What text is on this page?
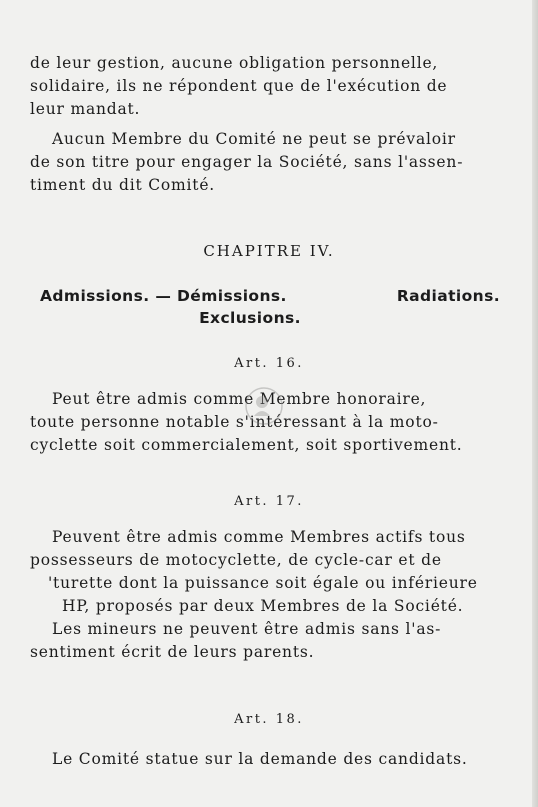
de leur gestion, aucune obligation personnelle,

solidaire, ils ne répondent que de l'exécution de

leur mandat.

Aucun Membre du Comité ne peut se prévaloir

de son titre pour engager la Société, sans l'assen-

timent du dit Comité.

CHAPITRE IV.
Admissions. — Démissions.	Radiations.
Exclusions.
Art. 16.

Peut être admis comme Membre honoraire,

toute personne notable s'intéressant à la moto-

cyclette soit commercialement, soit sportivement.

Art. 17.

Peuvent être admis comme Membres actifs tous

possesseurs de motocyclette, de cycle-car et de

'turette dont la puissance soit égale ou inférieure

HP, proposés par deux Membres de la Société.

Les mineurs ne peuvent être admis sans l'as-

sentiment écrit de leurs parents.

Art. 18.

Le Comité statue sur la demande des candidats.
